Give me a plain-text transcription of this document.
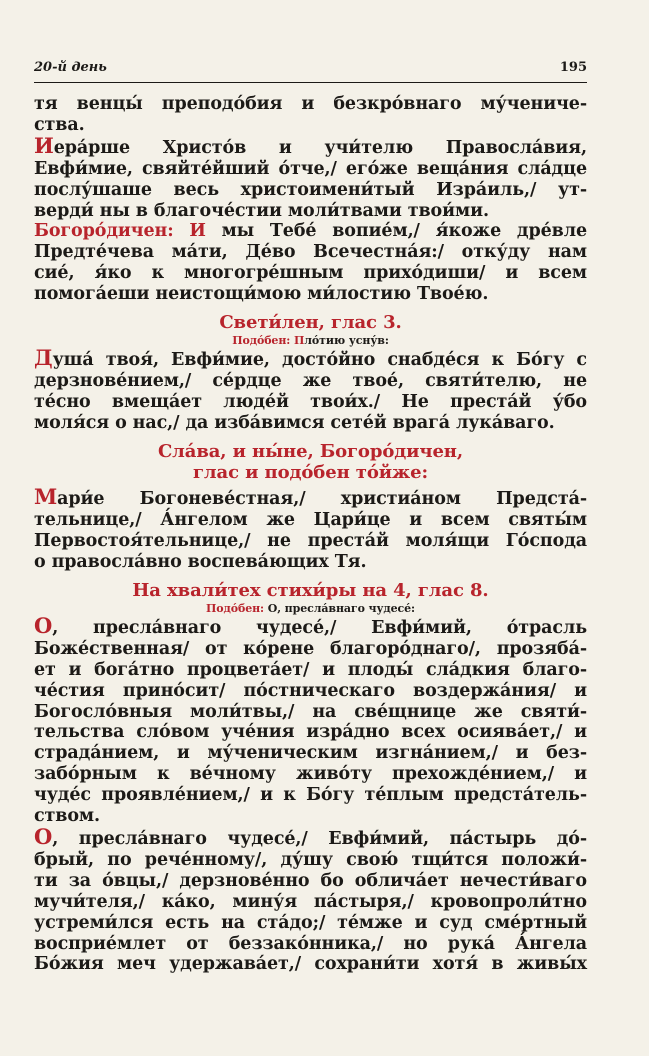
20-й день	195
тя венцы́ преподо́бия и безкро́внаго му́чениче-
ства.
Иера́рше Христо́в и учи́телю Правосла́вия,
Евфи́мие, свяйте́йший о́тче,/ его́же веща́ния сла́дце
послу́шаше весь христоимени́тый Изра́иль,/ ут-
верди́ ны в благоче́стии моли́твами твои́ми.
Богоро́дичен: И мы Тебе́ вопие́м,/ я́коже дре́вле
Предте́чева ма́ти, Де́во Всечестна́я:/ отку́ду нам
сие́, я́ко к многогре́шным прихо́диши/ и всем
помога́еши неистощи́мою ми́лостию Твое́ю.
Свети́лен, глас 3.
Подо́бен: Пло́тию усну́в:
Душа́ твоя́, Евфи́мие, досто́йно снабде́ся к Бо́гу с
дерзнове́нием,/ се́рдце же твое́, святи́телю, не
те́сно вмеща́ет люде́й твои́х./ Не преста́й у́бо
моля́ся о нас,/ да изба́вимся сете́й врага́ лука́ваго.
Сла́ва, и ны́не, Богоро́дичен,
глас и подо́бен то́йже:
Мари́е Богоневе́стная,/ христиа́ном Предста́-
тельнице,/ А́нгелом же Цари́це и всем святы́м
Первостоя́тельнице,/ не преста́й моля́щи Го́спода
о правосла́вно воспева́ющих Тя.
На хвали́тех стихи́ры на 4, глас 8.
Подо́бен: О, пресла́внаго чудесе́:
О, пресла́внаго чудесе́,/ Евфи́мий, о́трасль
Боже́ственная/ от ко́рене благоро́днаго/, прозябá-
ет и бога́тно процвета́ет/ и плоды́ сла́дкия благо-
че́стия прино́сит/ по́стническаго воздержа́ния/ и
Богосло́вныя моли́твы,/ на све́щнице же святи́-
тельства сло́вом уче́ния изра́дно всех осиява́ет,/ и
страда́нием, и му́ченическим изгна́нием,/ и без-
забо́рным к ве́чному живо́ту прехожде́нием,/ и
чуде́с проявле́нием,/ и к Бо́гу те́плым предста́тель-
ством.
О, пресла́внаго чудесе́,/ Евфи́мий, па́стырь до́-
брый, по рече́нному/, ду́шу свою́ тщи́тся положи́-
ти за о́вцы,/ дерзнове́нно бо облича́ет нечести́ваго
мучи́теля,/ ка́ко, мину́я па́стыря,/ кровопроли́тно
устреми́лся есть на ста́до;/ те́мже и суд сме́ртный
восприе́млет от беззако́нника,/ но рука́ А́нгела
Бо́жия меч удержава́ет,/ сохрани́ти хотя́ в живы́х
